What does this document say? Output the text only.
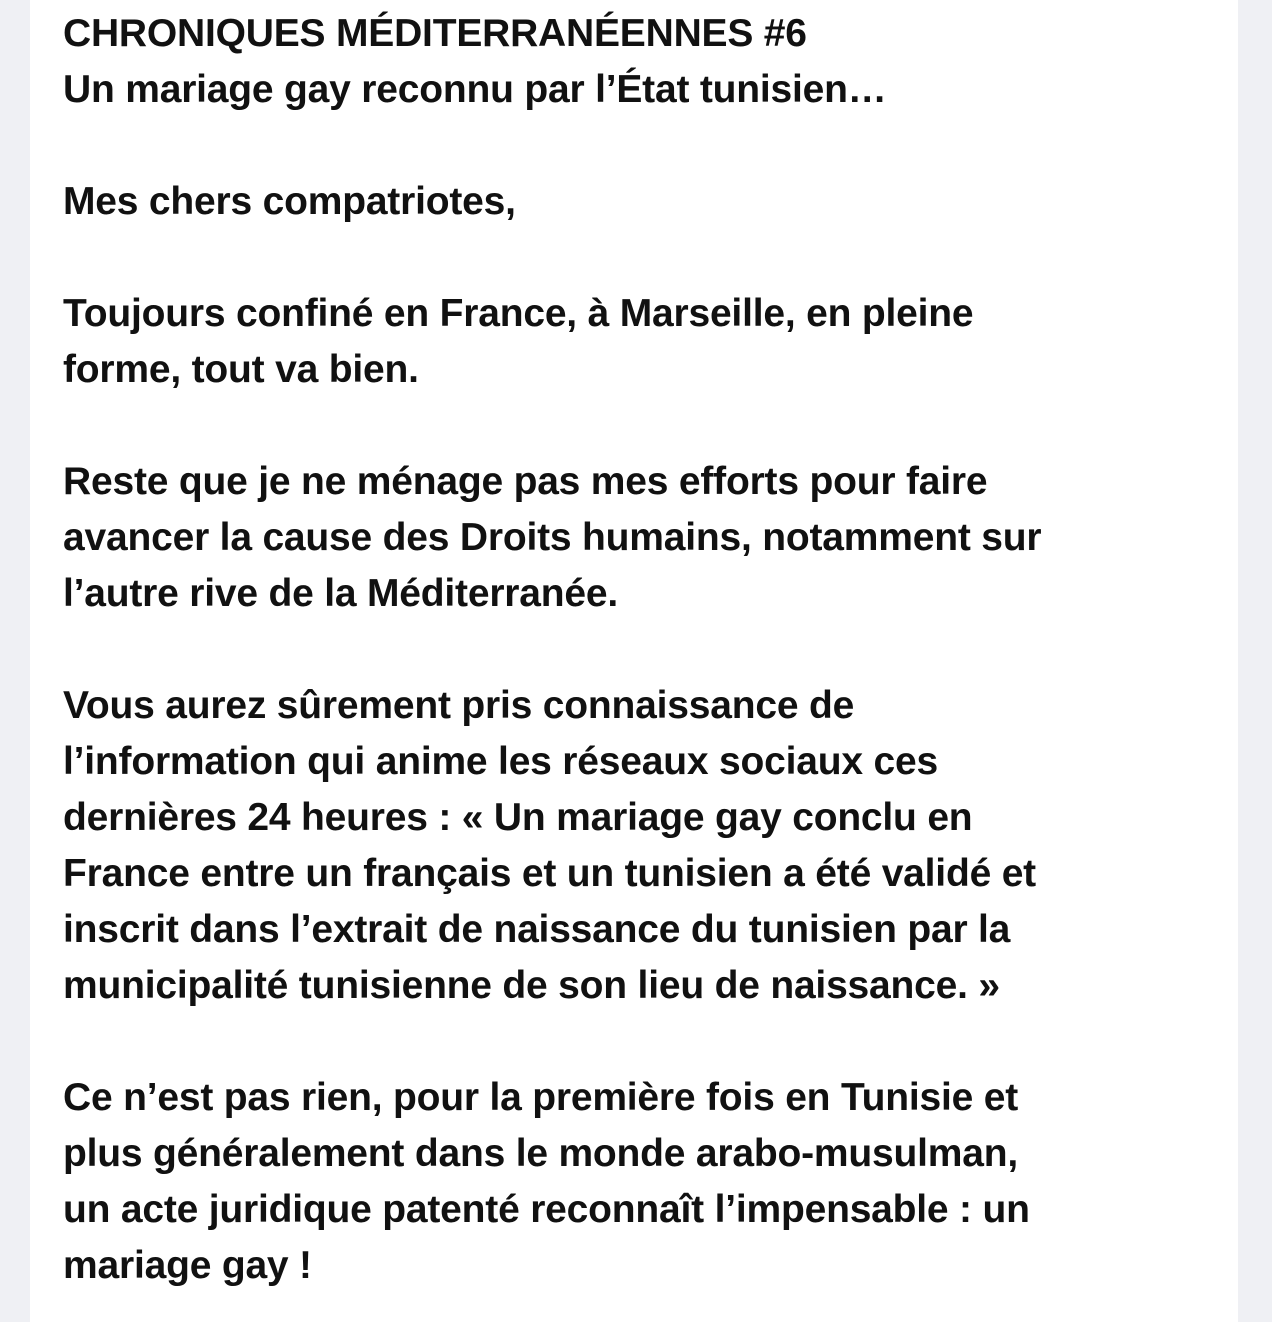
CHRONIQUES MÉDITERRANÉENNES #6
Un mariage gay reconnu par l’État tunisien…
Mes chers compatriotes,
Toujours confiné en France, à Marseille, en pleine
forme, tout va bien.
Reste que je ne ménage pas mes efforts pour faire
avancer la cause des Droits humains, notamment sur
l’autre rive de la Méditerranée.
Vous aurez sûrement pris connaissance de
l’information qui anime les réseaux sociaux ces
dernières 24 heures : « Un mariage gay conclu en
France entre un français et un tunisien a été validé et
inscrit dans l’extrait de naissance du tunisien par la
municipalité tunisienne de son lieu de naissance. »
Ce n’est pas rien, pour la première fois en Tunisie et
plus généralement dans le monde arabo-musulman,
un acte juridique patenté reconnaît l’impensable : un
mariage gay !
